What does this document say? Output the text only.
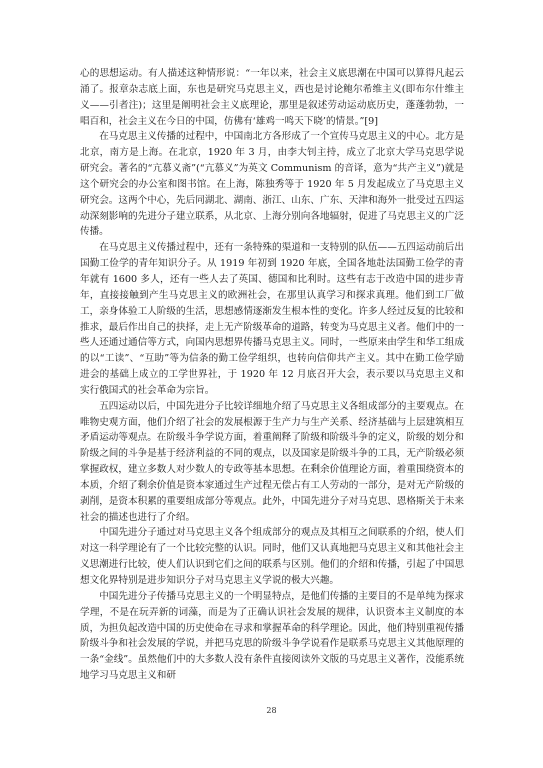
心的思想运动。有人描述这种情形说：“一年以来，社会主义底思潮在中国可以算得凡起云涌了。报章杂志底上面，东也是研究马克思主义，西也是讨论鲍尔希维主义(即布尔什维主义——引者注)；这里是阐明社会主义底理论，那里是叙述劳动运动底历史，蓬蓬勃勃，一唱百和，社会主义在今日的中国，仿佛有‘雄鸡一鸣天下晓’的情景。”[9]

在马克思主义传播的过程中，中国南北方各形成了一个宣传马克思主义的中心。北方是北京，南方是上海。在北京，1920 年 3 月，由李大钊主持，成立了北京大学马克思学说研究会。著名的“亢慕义斋”(“亢慕义”为英文 Communism 的音译，意为“共产主义”)就是这个研究会的办公室和图书馆。在上海，陈独秀等于 1920 年 5 月发起成立了马克思主义研究会。这两个中心，先后同湖北、湖南、浙江、山东、广东、天津和海外一批受过五四运动深刻影响的先进分子建立联系，从北京、上海分别向各地辐射，促进了马克思主义的广泛传播。

在马克思主义传播过程中，还有一条特殊的渠道和一支特别的队伍——五四运动前后出国勤工俭学的青年知识分子。从 1919 年初到 1920 年底，全国各地赴法国勤工俭学的青年就有 1600 多人，还有一些人去了英国、德国和比利时。这些有志于改造中国的进步青年，直接接触到产生马克思主义的欧洲社会，在那里认真学习和探求真理。他们到工厂做工，亲身体验工人阶级的生活，思想感情逐渐发生根本性的变化。许多人经过反复的比较和推求，最后作出自己的抉择，走上无产阶级革命的道路，转变为马克思主义者。他们中的一些人还通过通信等方式，向国内思想界传播马克思主义。同时，一些原来由学生和华工组成的以“工读”、“互助”等为信条的勤工俭学组织，也转向信仰共产主义。其中在勤工俭学励进会的基础上成立的工学世界社，于 1920 年 12 月底召开大会，表示要以马克思主义和实行俄国式的社会革命为宗旨。

五四运动以后，中国先进分子比较详细地介绍了马克思主义各组成部分的主要观点。在唯物史观方面，他们介绍了社会的发展根源于生产力与生产关系、经济基础与上层建筑相互矛盾运动等观点。在阶级斗争学说方面，着重阐释了阶级和阶级斗争的定义，阶级的划分和阶级之间的斗争是基于经济利益的不同的观点，以及国家是阶级斗争的工具，无产阶级必须掌握政权，建立多数人对少数人的专政等基本思想。在剩余价值理论方面，着重围绕资本的本质，介绍了剩余价值是资本家通过生产过程无偿占有工人劳动的一部分，是对无产阶级的剥削，是资本积累的重要组成部分等观点。此外，中国先进分子对马克思、恩格斯关于未来社会的描述也进行了介绍。

中国先进分子通过对马克思主义各个组成部分的观点及其相互之间联系的介绍，使人们对这一科学理论有了一个比较完整的认识。同时，他们又认真地把马克思主义和其他社会主义思潮进行比较，使人们认识到它们之间的联系与区别。他们的介绍和传播，引起了中国思想文化界特别是进步知识分子对马克思主义学说的极大兴趣。

中国先进分子传播马克思主义的一个明显特点，是他们传播的主要目的不是单纯为探求学理，不是在玩弄新的词藻，而是为了正确认识社会发展的规律，认识资本主义制度的本质，为担负起改造中国的历史使命在寻求和掌握革命的科学理论。因此，他们特别重视传播阶级斗争和社会发展的学说，并把马克思的阶级斗争学说看作是联系马克思主义其他原理的一条“金线”。虽然他们中的大多数人没有条件直接阅读外文版的马克思主义著作，没能系统地学习马克思主义和研

28
